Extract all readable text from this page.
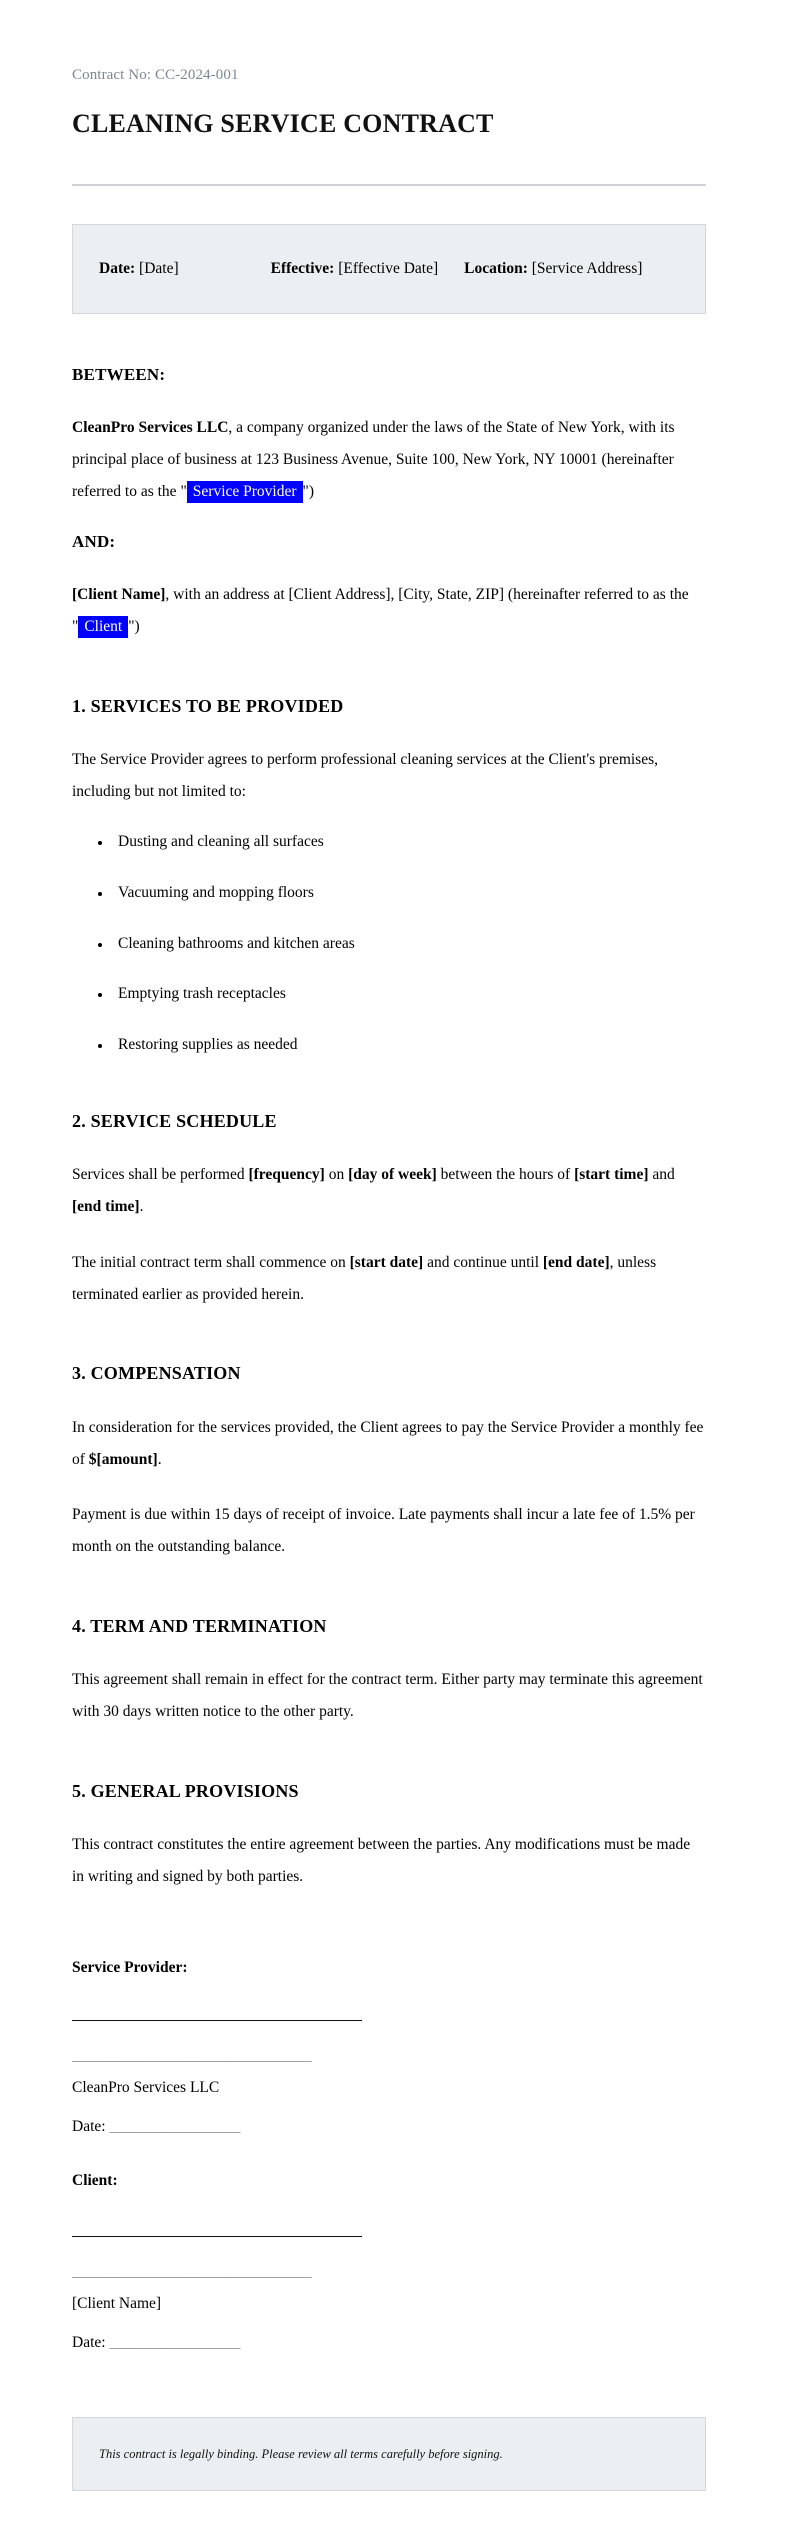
Contract No: CC-2024-001
CLEANING SERVICE CONTRACT
Date: [Date]	Effective: [Effective Date] Location: [Service Address]
BETWEEN:

CleanPro Services LLC, a company organized under the laws of the State of New York, with its principal place of business at 123 Business Avenue, Suite 100, New York, NY 10001 (hereinafter referred to as the " Service Provider ")

AND:

[Client Name], with an address at [Client Address], [City, State, ZIP] (hereinafter referred to as the " Client ")

1. SERVICES TO BE PROVIDED

The Service Provider agrees to perform professional cleaning services at the Client's premises, including but not limited to:

• Dusting and cleaning all surfaces
• Vacuuming and mopping floors
• Cleaning bathrooms and kitchen areas
• Emptying trash receptacles
• Restoring supplies as needed
2. SERVICE SCHEDULE

Services shall be performed [frequency] on [day of week] between the hours of [start time] and [end time].

The initial contract term shall commence on [start date] and continue until [end date], unless terminated earlier as provided herein.

3. COMPENSATION

In consideration for the services provided, the Client agrees to pay the Service Provider a monthly fee of $[amount].

Payment is due within 15 days of receipt of invoice. Late payments shall incur a late fee of 1.5% per month on the outstanding balance.

4. TERM AND TERMINATION

This agreement shall remain in effect for the contract term. Either party may terminate this agreement with 30 days written notice to the other party.

5. GENERAL PROVISIONS

This contract constitutes the entire agreement between the parties. Any modifications must be made in writing and signed by both parties.

Service Provider:
_________________________________
CleanPro Services LLC
Date: __________________
Client:
_________________________________
[Client Name]
Date: __________________
This contract is legally binding. Please review all terms carefully before signing.
